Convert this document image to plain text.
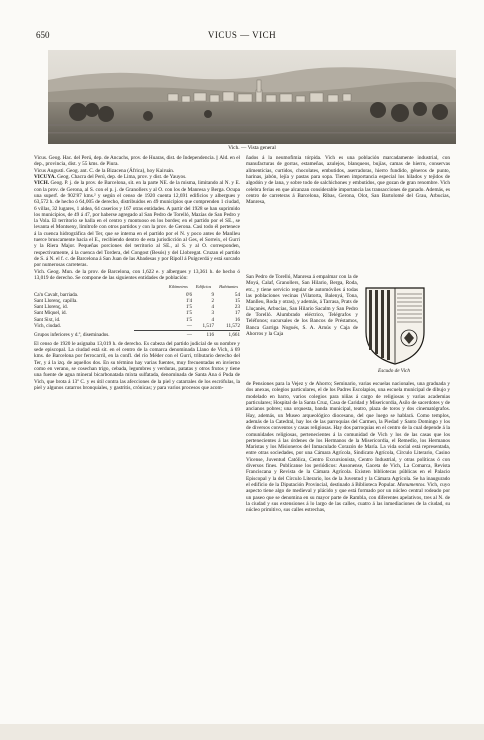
650	VICUS — VICH
Vich. — Vista general

Vicus. Geog. Hac. del Perú, dep. de Ancachs, prov. de Huaras, dist. de Independencia. || Ald. en el dep., provincia, dist. y 55 kms. de Piura.

Vicus Augusti. Geog. ant. C. de la Bizacena (África), hoy Kairuán.

VICUYA. Geog. Chacra del Perú, dep. de Lima, prov. y dist. de Yauyos.

VICH. Geog. P. j. de la prov. de Barcelona, sit. en la parte NE. de la misma, limitando al N. y E. con la prov. de Gerona, al S. con el p. j. de Granollers y al O. con los de Manresa y Berga. Ocupa una superf. de 902'87 kms.² y según el censo de 1920 cuenta 12,691 edificios y albergues y 63,572 h. de hecho ó 64,005 de derecho, distribuidos en 49 municipios que comprenden 1 ciudad, 6 villas, 32 lugares, 1 aldea, 64 caseríos y 167 otras entidades. A partir del 1928 se han suprimido los municipios, de 49 á 47, por haberse agregado al San Pedro de Torelló, Mazías de San Pedro y la Vola. El territorio se halla en el centro y montuoso en los bordes; en el partido por el SE., se levanta el Montseny, limítrofe con otros partidos y con la prov. de Gerona. Casi todo él pertenece á la cuenca hidrográfica del Ter, que se interna en el partido por el N. y poco antes de Manlleu tuerce bruscamente hacia el E., recibiendo dentro de esta jurisdicción al Ges, el Sorreix, el Gurri y la Riera Major. Pequeñas porciones del territorio al SE., al S. y al O. corresponden, respectivamente, á la cuenca del Tordera, del Congost (Besós) y del Llobregat. Cruzan el partido de S. á N. el f. c. de Barcelona á San Juan de las Abadesas y por Ripoll á Puigcerdá y está surcado por numerosas carreteras.

Vich. Geog. Mun. de la prov. de Barcelona, con 1,622 e. y albergues y 13,361 h. de hecho ó 13,019 de derecho. Se compone de las siguientes entidades de población:

Kilómetros Edificios Habitantes
Ca'n Cavalt, barriada.	0'6	9	54
Sant Llorenç, capilla.	1'4	2	15
Sant Llorenç, id.	1'5	4	23
Sant Miquel, id.	1'5	3	17
Sant Sixt, id.	1'5	4	16
Vich, ciudad.	—	1,517	11,572
Grupos inferiores y d.º, diseminados.	—	116	1,661

El censo de 1920 le asignaba 13,019 h. de derecho. Es cabeza del partido judicial de su nombre y sede episcopal. La ciudad está sit. en el centro de la comarca denominada Llano de Vich, á 69 kms. de Barcelona por ferrocarril, en la confl. del río Méder con el Gurri, tributario derecho del Ter, y á la izq. de aquellos dos. En su término hay varias fuentes, muy frecuentadas en invierno como en verano, se cosechan trigo, cebada, legumbres y verduras, patatas y otros frutos y tiene una fuente de agua mineral bicarbonatada mixta sulfatada, denominada de Santa Ana ó Puda de Vich, que brota á 13º C. y es útil contra las afecciones de la piel y catarrales de los escrófulas, la piel y algunos catarros bronquiales, y gastritis, crónicas; y para varios procesos que acom-

ñados á la neumofimia tórpida. Vich es una población marcadamente industrial, con manufacturas de gorras, estameñas, azulejos, blanqueos, bujías, camas de hierro, conservas alimenticias, curtidos, chocolates, embutidos, aserradoras, hierro fundido, géneros de punto, harinas, jabón, lejía y pastas para sopa. Tienen importancia especial los hilados y tejidos de algodón y de lana, y sobre todo de salchichones y embutidos, que gozan de gran renombre. Vich celebra ferias en que alcanzan considerable importancia las transacciones de ganado. Además, es centro de carreteras á Barcelona, Ribas, Gerona, Olot, San Bartolomé del Grau, Arbucias, Manresa,
San Pedro de Torelló, Manresa á empalmar con la de Moyá, Calaf, Granollers, San Hilario, Berga, Roda, etc., y tiene servicio regular de automóviles á todas las poblaciones vecinas (Vilatorta, Balenyá, Tona, Manlleu, Roda y otras), y además, á Tarrasa, Prats de Lluçanès, Arbucias, San Hilario Sacalm y San Pedro de Torelló. Alumbrado eléctrico, Telégrafos y Teléfonos; sucursales de los Bancos de Préstamos, Banca Garriga Nogués, S. A. Arnús y Caja de Ahorros y la Caja
Escudo de Vich
de Pensiones para la Vejez y de Ahorro; Seminario, varias escuelas nacionales, una graduada y dos anexas, colegios particulares, el de los Padres Escolapios, una escuela municipal de dibujo y modelado en barro, varios colegios para niñas á cargo de religiosas y varias academias particulares; Hospital de la Santa Cruz, Casa de Caridad y Misericordia, Asilo de sacerdotes y de ancianos pobres; una orquesta, banda municipal, teatro, plaza de toros y dos cinematógrafos. Hay, además, un Museo arqueológico diocesano, del que luego se hablará. Como templos, además de la Catedral, hay los de las parroquias del Carmen, la Piedad y Santo Domingo y los de diversos conventos y casas religiosas. Hay dos parroquias en el centro de la cual depende á la comunidades religiosas, pertenecientes á la comunidad de Vich y los de las casas que los pertenecientes á las órdenes de los Hermanos de la Misericordia, el Remedio, los Hermanos Maristas y los Misioneros del Inmaculado Corazón de María. La vida social está representada, entre otras sociedades, por una Cámara Agrícola, Sindicato Agrícola, Círculo Literario, Casino Vicense, Juventud Católica, Centro Excursionista, Centro Industrial, y otras políticas ó con diversos fines. Publícanse los periódicos: Ausonense, Gaceta de Vich, La Comarca, Revista Franciscana y Revista de la Cámara Agrícola. Existen bibliotecas públicas en el Palacio Episcopal y la del Círculo Literario, los de la Juventud y la Cámara Agrícola. Se ha inaugurado el edificio de la Diputación Provincial, destinado á Biblioteca Popular. Monumentos. Vich, cuyo aspecto tiene algo de medieval y plácido y que está formado por un núcleo central rodeado por un paseo que se denomina en su mayor parte de Rambla, con diferentes apelativos, tres al N. de la ciudad y sus extensiones á lo largo de las calles, cuatro á las inmediaciones de la ciudad, su núcleo primitivo, sus calles estrechas,
